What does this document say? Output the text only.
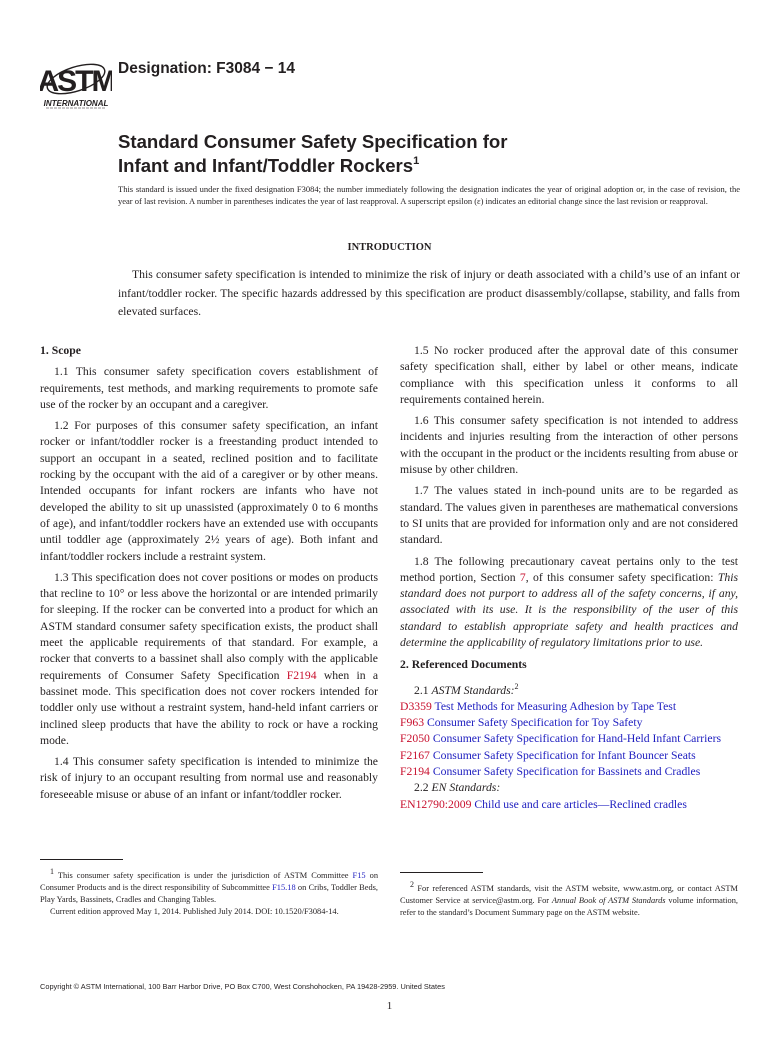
ASTM
INTERNATIONAL
Designation: F3084 − 14
Standard Consumer Safety Specification for
Infant and Infant/Toddler Rockers$^1$
This standard is issued under the fixed designation F3084; the number immediately following the designation indicates the year of original adoption or, in the case of revision, the year of last revision. A number in parentheses indicates the year of last reapproval. A superscript epsilon (ε) indicates an editorial change since the last revision or reapproval.
INTRODUCTION
This consumer safety specification is intended to minimize the risk of injury or death associated with a child’s use of an infant or infant/toddler rocker. The specific hazards addressed by this specification are product disassembly/collapse, stability, and falls from elevated surfaces.
1. Scope

1.1 This consumer safety specification covers establishment of requirements, test methods, and marking requirements to promote safe use of the rocker by an occupant and a caregiver.

1.2 For purposes of this consumer safety specification, an infant rocker or infant/toddler rocker is a freestanding product intended to support an occupant in a seated, reclined position and to facilitate rocking by the occupant with the aid of a caregiver or by other means. Intended occupants for infant rockers are infants who have not developed the ability to sit up unassisted (approximately 0 to 6 months of age), and infant/toddler rockers have an extended use with occupants until toddler age (approximately 2½ years of age). Both infant and infant/toddler rockers include a restraint system.

1.3 This specification does not cover positions or modes on products that recline to 10° or less above the horizontal or are intended primarily for sleeping. If the rocker can be converted into a product for which an ASTM standard consumer safety specification exists, the product shall meet the applicable requirements of that standard. For example, a rocker that converts to a bassinet shall also comply with the applicable requirements of Consumer Safety Specification F2194 when in a bassinet mode. This specification does not cover rockers intended for toddler only use without a restraint system, hand-held infant carriers or inclined sleep products that have the ability to rock or have a rocking mode.

1.4 This consumer safety specification is intended to minimize the risk of injury to an occupant resulting from normal use and reasonably foreseeable misuse or abuse of an infant or infant/toddler rocker.

$^1$ This consumer safety specification is under the jurisdiction of ASTM Committee F15 on Consumer Products and is the direct responsibility of Subcommittee F15.18 on Cribs, Toddler Beds, Play Yards, Bassinets, Cradles and Changing Tables.

Current edition approved May 1, 2014. Published July 2014. DOI: 10.1520/F3084-14.

1.5 No rocker produced after the approval date of this consumer safety specification shall, either by label or other means, indicate compliance with this specification unless it conforms to all requirements contained herein.

1.6 This consumer safety specification is not intended to address incidents and injuries resulting from the interaction of other persons with the occupant in the product or the incidents resulting from abuse or misuse by other children.

1.7 The values stated in inch-pound units are to be regarded as standard. The values given in parentheses are mathematical conversions to SI units that are provided for information only and are not considered standard.

1.8 The following precautionary caveat pertains only to the test method portion, Section 7, of this consumer safety specification: This standard does not purport to address all of the safety concerns, if any, associated with its use. It is the responsibility of the user of this standard to establish appropriate safety and health practices and determine the applicability of regulatory limitations prior to use.

2. Referenced Documents

2.1 ASTM Standards:$^2$

D3359 Test Methods for Measuring Adhesion by Tape Test

F963 Consumer Safety Specification for Toy Safety

F2050 Consumer Safety Specification for Hand-Held Infant Carriers

F2167 Consumer Safety Specification for Infant Bouncer Seats

F2194 Consumer Safety Specification for Bassinets and Cradles

2.2 EN Standards:

EN12790:2009 Child use and care articles—Reclined cradles

$^2$ For referenced ASTM standards, visit the ASTM website, www.astm.org, or contact ASTM Customer Service at service@astm.org. For Annual Book of ASTM Standards volume information, refer to the standard’s Document Summary page on the ASTM website.

Copyright © ASTM International, 100 Barr Harbor Drive, PO Box C700, West Conshohocken, PA 19428-2959. United States
1
